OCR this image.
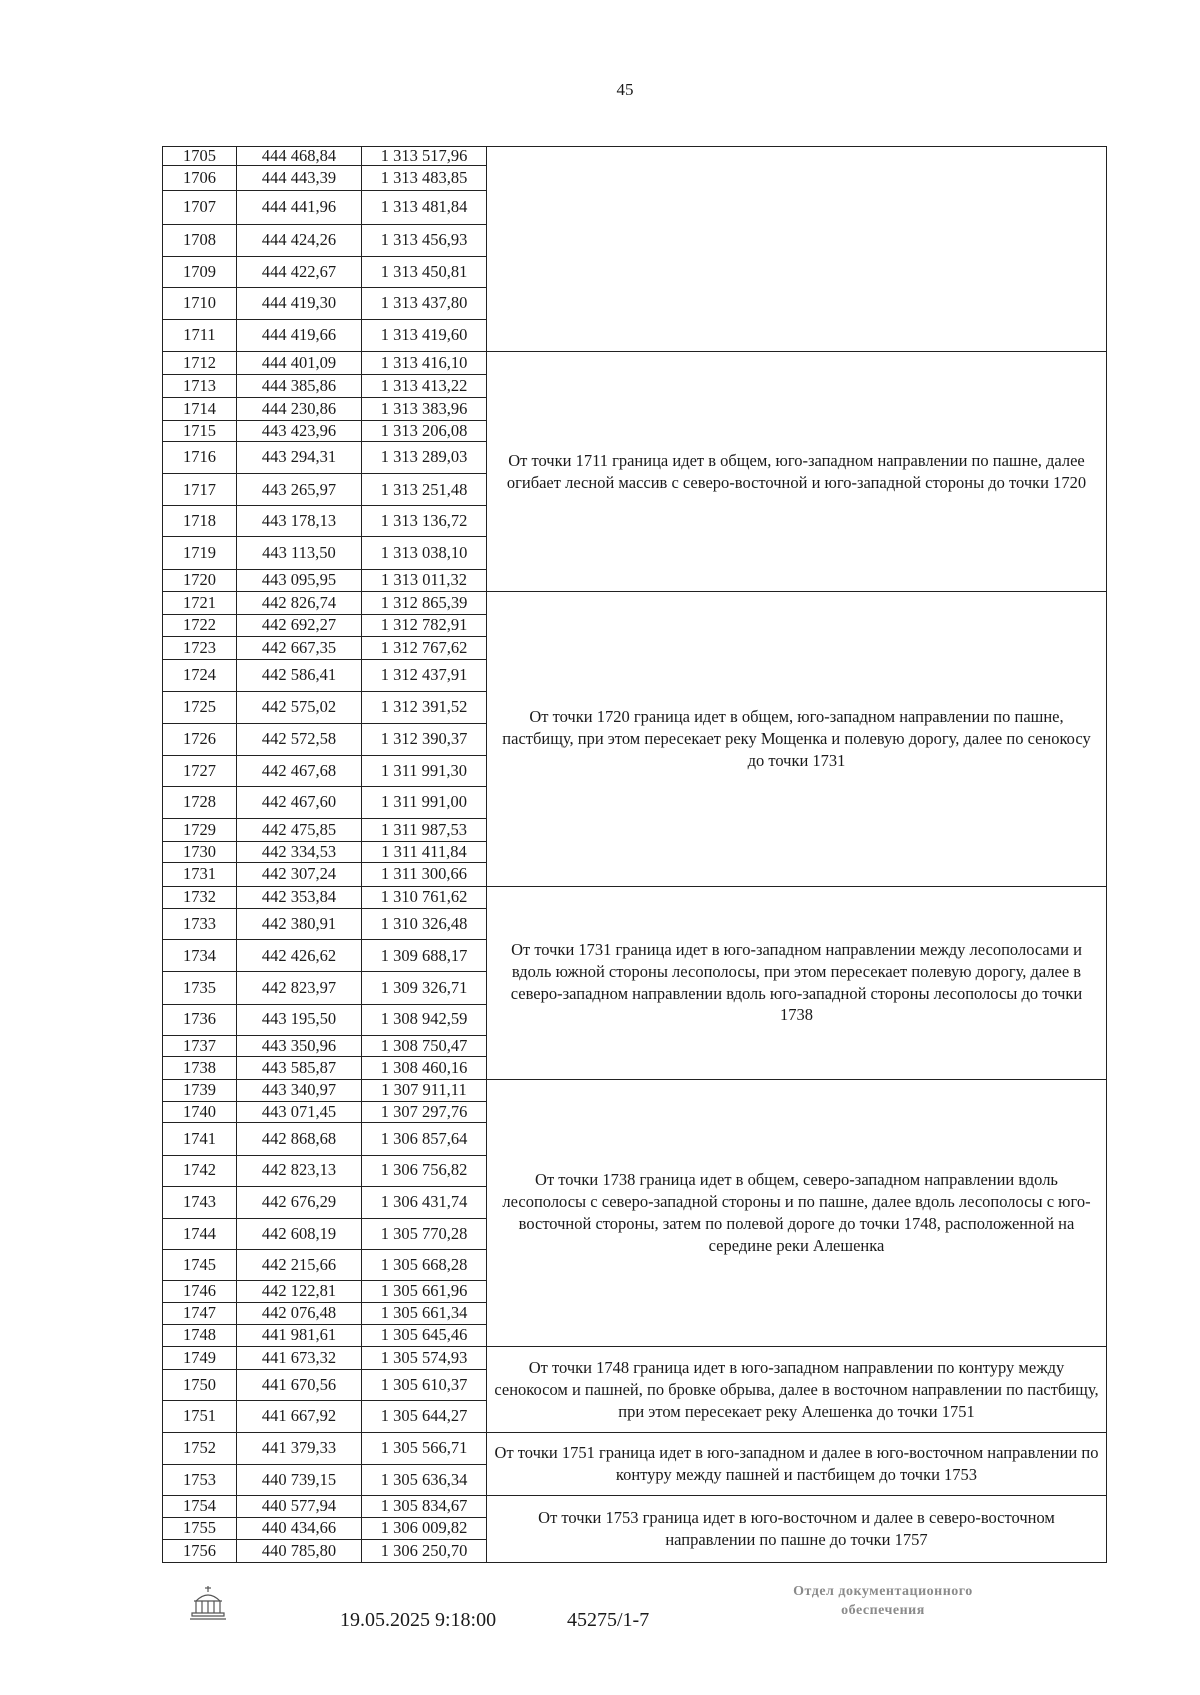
45
1705	444 468,84	1 313 517,96	
1706	444 443,39	1 313 483,85	
1707	444 441,96	1 313 481,84	
1708	444 424,26	1 313 456,93	
1709	444 422,67	1 313 450,81	
1710	444 419,30	1 313 437,80	
1711	444 419,66	1 313 419,60	
1712	444 401,09	1 313 416,10	От точки 1711 граница идет в общем, юго-западном направлении по пашне, далее огибает лесной массив с северо-восточной и юго-западной стороны до точки 1720
1713	444 385,86	1 313 413,22	
1714	444 230,86	1 313 383,96	
1715	443 423,96	1 313 206,08	
1716	443 294,31	1 313 289,03	
1717	443 265,97	1 313 251,48	
1718	443 178,13	1 313 136,72	
1719	443 113,50	1 313 038,10	
1720	443 095,95	1 313 011,32	
1721	442 826,74	1 312 865,39	От точки 1720 граница идет в общем, юго-западном направлении по пашне, пастбищу, при этом пересекает реку Мощенка и полевую дорогу, далее по сенокосу до точки 1731
1722	442 692,27	1 312 782,91	
1723	442 667,35	1 312 767,62	
1724	442 586,41	1 312 437,91	
1725	442 575,02	1 312 391,52	
1726	442 572,58	1 312 390,37	
1727	442 467,68	1 311 991,30	
1728	442 467,60	1 311 991,00	
1729	442 475,85	1 311 987,53	
1730	442 334,53	1 311 411,84	
1731	442 307,24	1 311 300,66	
1732	442 353,84	1 310 761,62	От точки 1731 граница идет в юго-западном направлении между лесополосами и вдоль южной стороны лесополосы, при этом пересекает полевую дорогу, далее в северо-западном направлении вдоль юго-западной стороны лесополосы до точки 1738
1733	442 380,91	1 310 326,48	
1734	442 426,62	1 309 688,17	
1735	442 823,97	1 309 326,71	
1736	443 195,50	1 308 942,59	
1737	443 350,96	1 308 750,47	
1738	443 585,87	1 308 460,16	
1739	443 340,97	1 307 911,11	От точки 1738 граница идет в общем, северо-западном направлении вдоль лесополосы с северо-западной стороны и по пашне, далее вдоль лесополосы с юго-восточной стороны, затем по полевой дороге до точки 1748, расположенной на середине реки Алешенка
1740	443 071,45	1 307 297,76	
1741	442 868,68	1 306 857,64	
1742	442 823,13	1 306 756,82	
1743	442 676,29	1 306 431,74	
1744	442 608,19	1 305 770,28	
1745	442 215,66	1 305 668,28	
1746	442 122,81	1 305 661,96	
1747	442 076,48	1 305 661,34	
1748	441 981,61	1 305 645,46	
1749	441 673,32	1 305 574,93	От точки 1748 граница идет в юго-западном направлении по контуру между сенокосом и пашней, по бровке обрыва, далее в восточном направлении по пастбищу, при этом пересекает реку Алешенка до точки 1751
1750	441 670,56	1 305 610,37	
1751	441 667,92	1 305 644,27	
1752	441 379,33	1 305 566,71	От точки 1751 граница идет в юго-западном и далее в юго-восточном направлении по контуру между пашней и пастбищем до точки 1753
1753	440 739,15	1 305 636,34	
1754	440 577,94	1 305 834,67	От точки 1753 граница идет в юго-восточном и далее в северо-восточном направлении по пашне до точки 1757
1755	440 434,66	1 306 009,82	
1756	440 785,80	1 306 250,70	
19.05.2025 9:18:00	45275/1-7
Отдел документационного
обеспечения
